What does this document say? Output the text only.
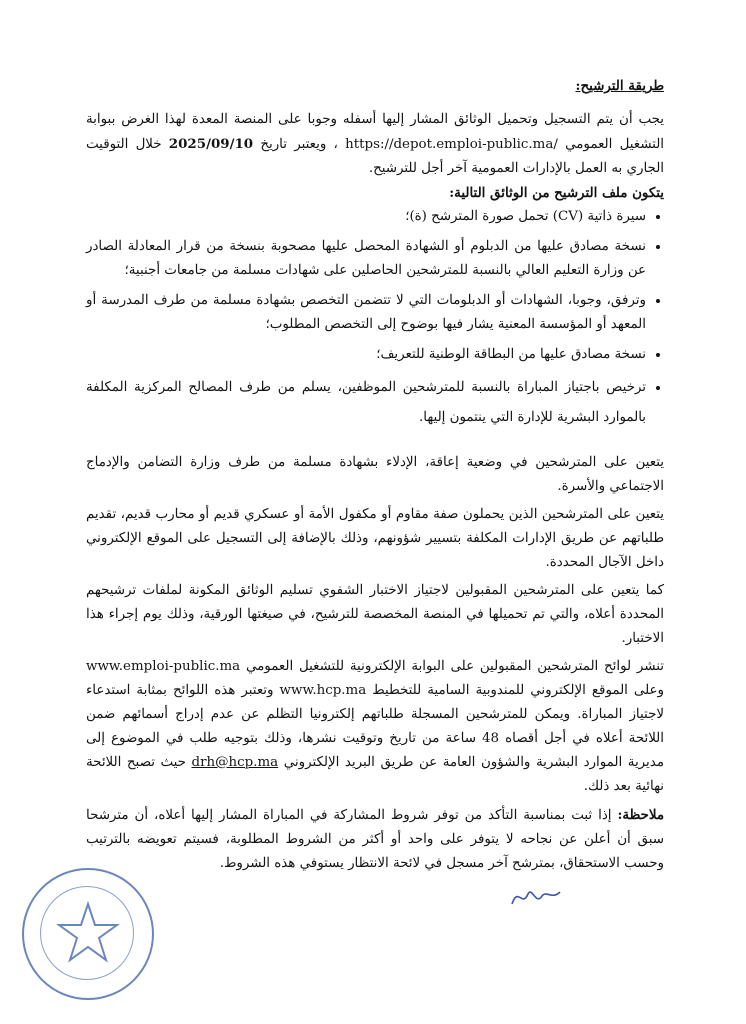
طريقة الترشيح:

يجب أن يتم التسجيل وتحميل الوثائق المشار إليها أسفله وجوبا على المنصة المعدة لهذا الغرض ببوابة التشغيل العمومي https://depot.emploi-public.ma/ ، ويعتبر تاريخ 2025/09/10 خلال التوقيت الجاري به العمل بالإدارات العمومية آخر أجل للترشيح.

يتكون ملف الترشيح من الوثائق التالية:

• سيرة ذاتية (CV) تحمل صورة المترشح (ة)؛
• نسخة مصادق عليها من الدبلوم أو الشهادة المحصل عليها مصحوبة بنسخة من قرار المعادلة الصادر عن وزارة التعليم العالي بالنسبة للمترشحين الحاصلين على شهادات مسلمة من جامعات أجنبية؛
• وترفق، وجوبا، الشهادات أو الدبلومات التي لا تتضمن التخصص بشهادة مسلمة من طرف المدرسة أو المعهد أو المؤسسة المعنية يشار فيها بوضوح إلى التخصص المطلوب؛
• نسخة مصادق عليها من البطاقة الوطنية للتعريف؛
• ترخيص باجتياز المباراة بالنسبة للمترشحين الموظفين، يسلم من طرف المصالح المركزية المكلفة بالموارد البشرية للإدارة التي ينتمون إليها.

يتعين على المترشحين في وضعية إعاقة، الإدلاء بشهادة مسلمة من طرف وزارة التضامن والإدماج الاجتماعي والأسرة.

يتعين على المترشحين الذين يحملون صفة مقاوم أو مكفول الأمة أو عسكري قديم أو محارب قديم، تقديم طلباتهم عن طريق الإدارات المكلفة بتسيير شؤونهم، وذلك بالإضافة إلى التسجيل على الموقع الإلكتروني داخل الآجال المحددة.

كما يتعين على المترشحين المقبولين لاجتياز الاختبار الشفوي تسليم الوثائق المكونة لملفات ترشيحهم المحددة أعلاه، والتي تم تحميلها في المنصة المخصصة للترشيح، في صيغتها الورقية، وذلك يوم إجراء هذا الاختبار.

تنشر لوائح المترشحين المقبولين على البوابة الإلكترونية للتشغيل العمومي www.emploi-public.ma وعلى الموقع الإلكتروني للمندوبية السامية للتخطيط www.hcp.ma وتعتبر هذه اللوائح بمثابة استدعاء لاجتياز المباراة. ويمكن للمترشحين المسجلة طلباتهم إلكترونيا التظلم عن عدم إدراج أسمائهم ضمن اللائحة أعلاه في أجل أقصاه 48 ساعة من تاريخ وتوقيت نشرها، وذلك بتوجيه طلب في الموضوع إلى مديرية الموارد البشرية والشؤون العامة عن طريق البريد الإلكتروني drh@hcp.ma حيث تصبح اللائحة نهائية بعد ذلك.

ملاحظة: إذا ثبت بمناسبة التأكد من توفر شروط المشاركة في المباراة المشار إليها أعلاه، أن مترشحا سبق أن أعلن عن نجاحه لا يتوفر على واحد أو أكثر من الشروط المطلوبة، فسيتم تعويضه بالترتيب وحسب الاستحقاق، بمترشح آخر مسجل في لائحة الانتظار يستوفي هذه الشروط.
